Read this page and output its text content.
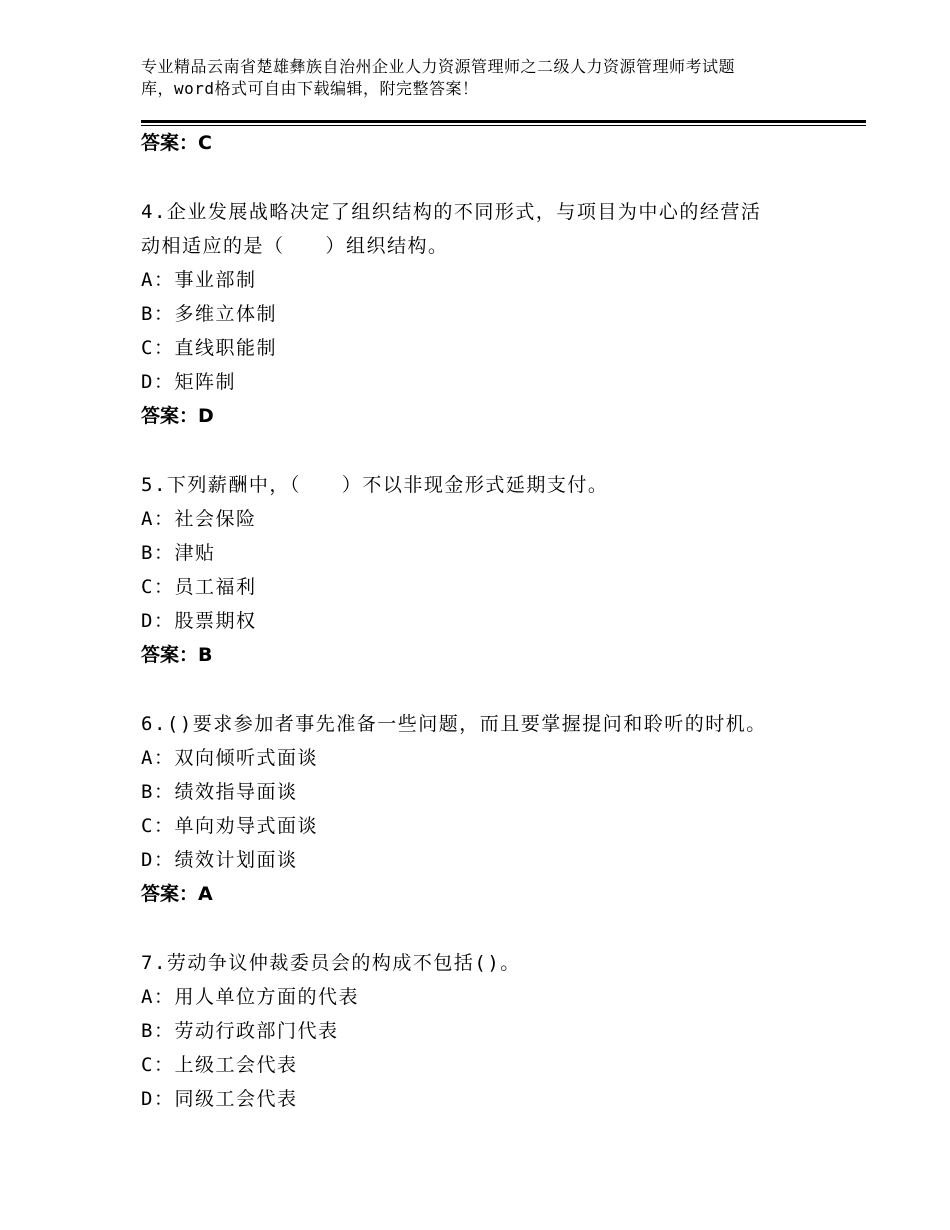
专业精品云南省楚雄彝族自治州企业人力资源管理师之二级人力资源管理师考试题
库，word格式可自由下载编辑，附完整答案！
答案：C
4.企业发展战略决定了组织结构的不同形式，与项目为中心的经营活
动相适应的是（　　）组织结构。
A：事业部制
B：多维立体制
C：直线职能制
D：矩阵制
答案：D
5.下列薪酬中，（　　）不以非现金形式延期支付。
A：社会保险
B：津贴
C：员工福利
D：股票期权
答案：B
6.()要求参加者事先准备一些问题，而且要掌握提问和聆听的时机。
A：双向倾听式面谈
B：绩效指导面谈
C：单向劝导式面谈
D：绩效计划面谈
答案：A
7.劳动争议仲裁委员会的构成不包括()。
A：用人单位方面的代表
B：劳动行政部门代表
C：上级工会代表
D：同级工会代表
